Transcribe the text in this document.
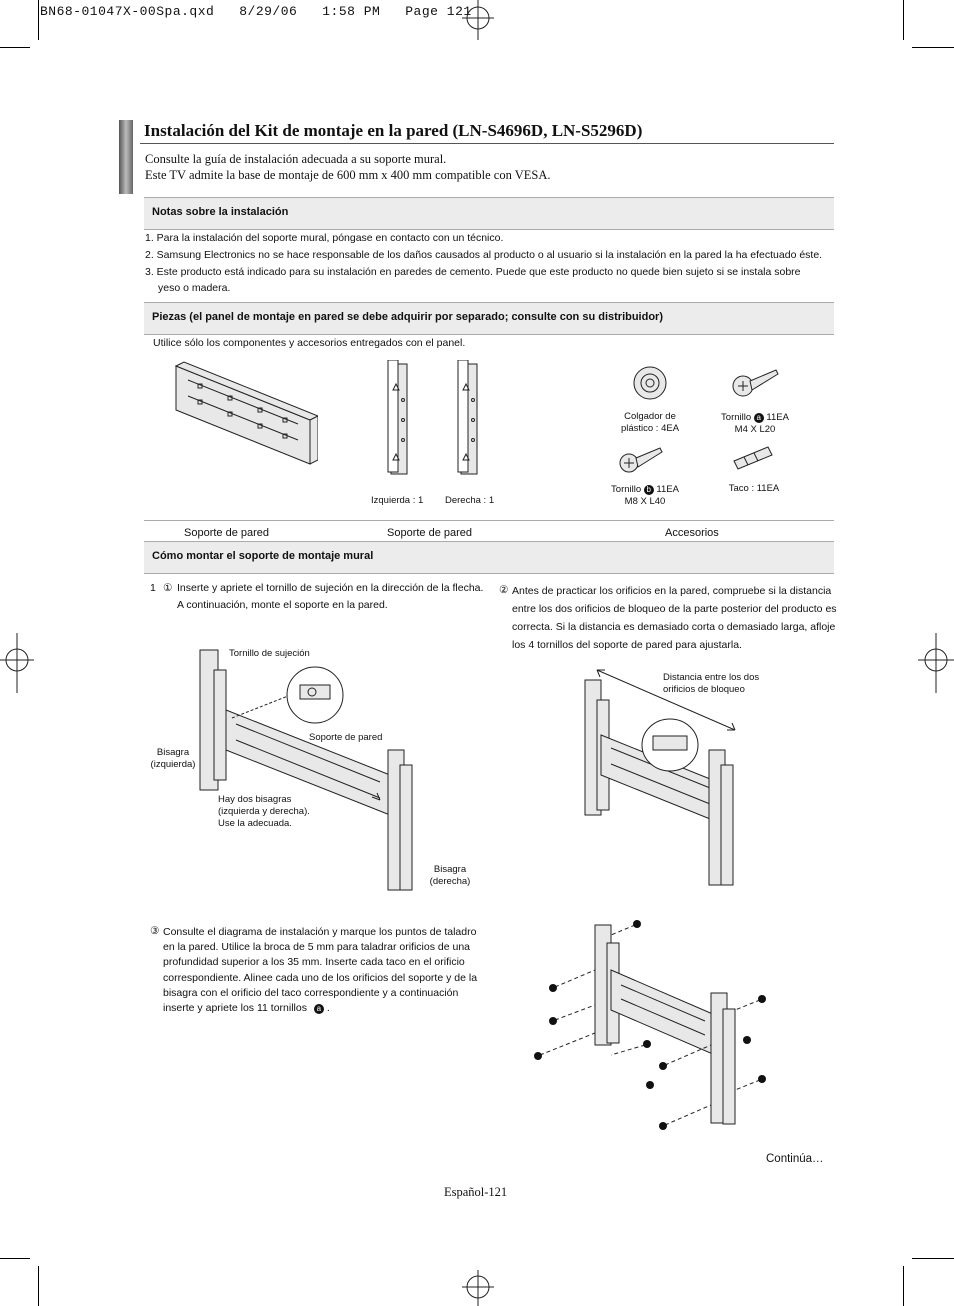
BN68-01047X-00Spa.qxd   8/29/06   1:58 PM   Page 121
Instalación del Kit de montaje en la pared (LN-S4696D, LN-S5296D)
Consulte la guía de instalación adecuada a su soporte mural.
Este TV admite la base de montaje de 600 mm x 400 mm compatible con VESA.
Notas sobre la instalación
1. Para la instalación del soporte mural, póngase en contacto con un técnico.
2. Samsung Electronics no se hace responsable de los daños causados al producto o al usuario si la instalación en la pared la ha efectuado éste.
3. Este producto está indicado para su instalación en paredes de cemento. Puede que este producto no quede bien sujeto si se instala sobre
yeso o madera.
Piezas (el panel de montaje en pared se debe adquirir por separado; consulte con su distribuidor)
Utilice sólo los componentes y accesorios entregados con el panel.
Izquierda : 1 Derecha : 1
Colgador de
plástico : 4EA
Tornillo a 11EA
M4 X L20
Tornillo b 11EA
M8 X L40
Taco : 11EA
Soporte de pared	Soporte de pared	Accesorios
Cómo montar el soporte de montaje mural
1 ① Inserte y apriete el tornillo de sujeción en la dirección de la flecha.
A continuación, monte el soporte en la pared.
② Antes de practicar los orificios en la pared, compruebe si la distancia
entre los dos orificios de bloqueo de la parte posterior del producto es
correcta. Si la distancia es demasiado corta o demasiado larga, afloje
los 4 tornillos del soporte de pared para ajustarla.
Tornillo de sujeción
Soporte de pared
Bisagra
(izquierda)
Hay dos bisagras
(izquierda y derecha).
Use la adecuada.
Bisagra
(derecha)
Distancia entre los dos
orificios de bloqueo
③ Consulte el diagrama de instalación y marque los puntos de taladro
en la pared. Utilice la broca de 5 mm para taladrar orificios de una
profundidad superior a los 35 mm. Inserte cada taco en el orificio
correspondiente. Alinee cada uno de los orificios del soporte y de la
bisagra con el orificio del taco correspondiente y a continuación
inserte y apriete los 11 tornillos a .
Continúa…
Español-121
